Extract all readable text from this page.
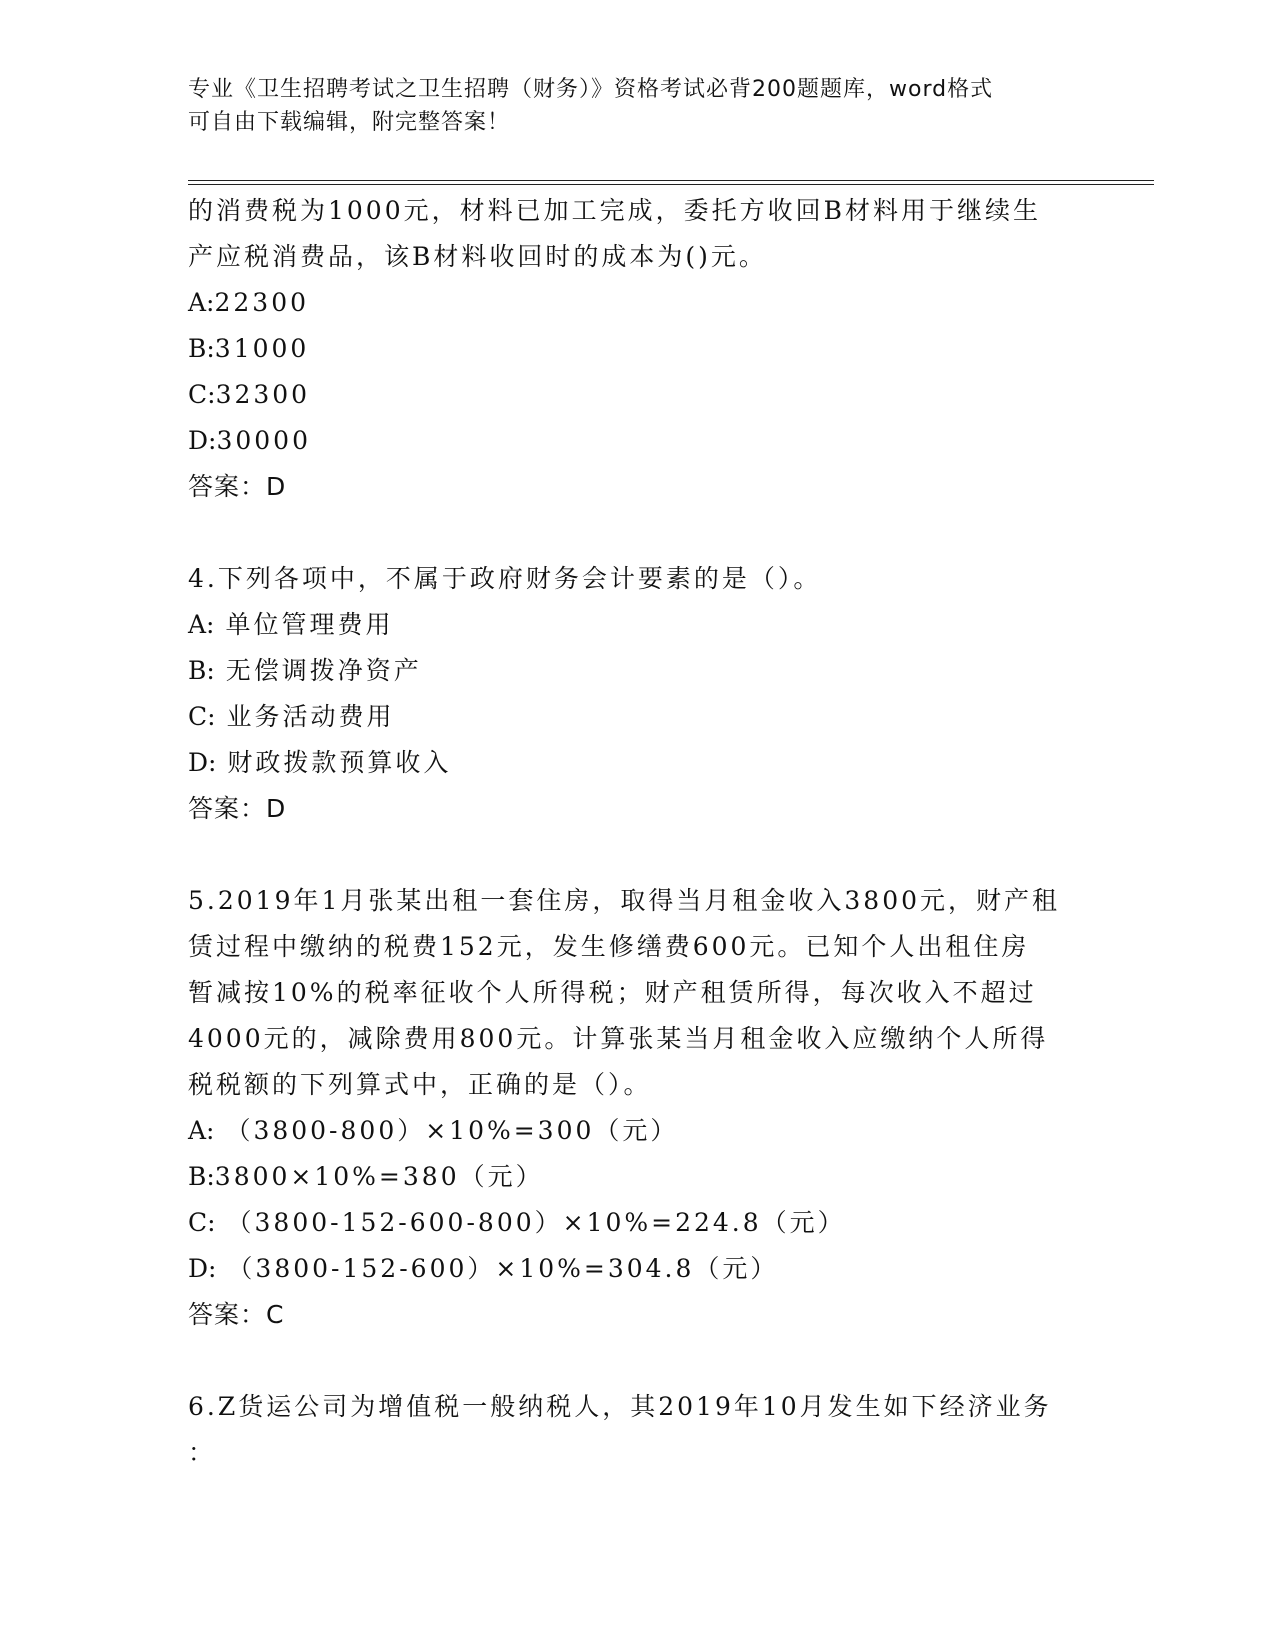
专业《卫生招聘考试之卫生招聘（财务）》资格考试必背200题题库，word格式
可自由下载编辑，附完整答案！
的消费税为1000元，材料已加工完成，委托方收回B材料用于继续生
产应税消费品，该B材料收回时的成本为()元。
A:22300
B:31000
C:32300
D:30000
答案：D
4.下列各项中，不属于政府财务会计要素的是（）。
A: 单位管理费用
B: 无偿调拨净资产
C: 业务活动费用
D: 财政拨款预算收入
答案：D
5.2019年1月张某出租一套住房，取得当月租金收入3800元，财产租
赁过程中缴纳的税费152元，发生修缮费600元。已知个人出租住房
暂减按10%的税率征收个人所得税；财产租赁所得，每次收入不超过
4000元的，减除费用800元。计算张某当月租金收入应缴纳个人所得
税税额的下列算式中，正确的是（）。
A: （3800-800）×10%=300（元）
B:3800×10%=380（元）
C: （3800-152-600-800）×10%=224.8（元）
D: （3800-152-600）×10%=304.8（元）
答案：C
6.Z货运公司为增值税一般纳税人，其2019年10月发生如下经济业务
：
